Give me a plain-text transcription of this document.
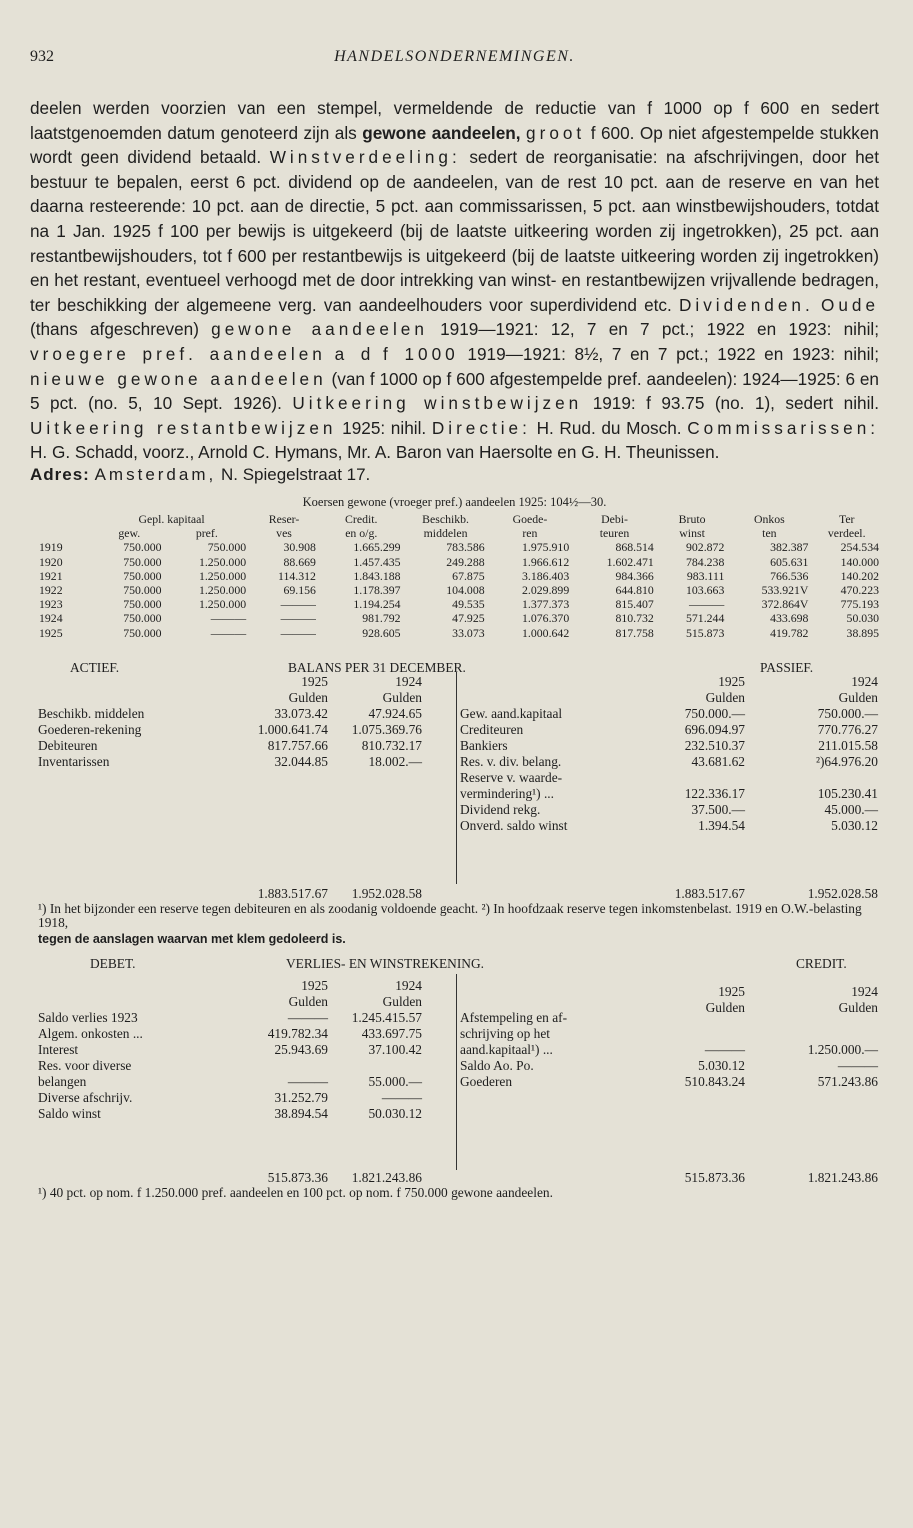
932	HANDELSONDERNEMINGEN.
deelen werden voorzien van een stempel, vermeldende de reductie van f 1000 op f 600 en sedert laatstgenoemden datum genoteerd zijn als gewone aandeelen, groot f 600. Op niet afgestempelde stukken wordt geen dividend betaald. Winstverdeeling: sedert de reorganisatie: na afschrijvingen, door het bestuur te bepalen, eerst 6 pct. dividend op de aandeelen, van de rest 10 pct. aan de reserve en van het daarna resteerende: 10 pct. aan de directie, 5 pct. aan commissarissen, 5 pct. aan winstbewijshouders, totdat na 1 Jan. 1925 f 100 per bewijs is uitgekeerd (bij de laatste uitkeering worden zij ingetrokken), 25 pct. aan restantbewijshouders, tot f 600 per restantbewijs is uitgekeerd (bij de laatste uitkeering worden zij ingetrokken) en het restant, eventueel verhoogd met de door intrekking van winst- en restantbewijzen vrijvallende bedragen, ter beschikking der algemeene verg. van aandeelhouders voor superdividend etc. Dividenden. Oude (thans afgeschreven) gewone aandeelen 1919—1921: 12, 7 en 7 pct.; 1922 en 1923: nihil; vroegere pref. aandeelen a d f 1000 1919—1921: 8½, 7 en 7 pct.; 1922 en 1923: nihil; nieuwe gewone aandeelen (van f 1000 op f 600 afgestempelde pref. aandeelen): 1924—1925: 6 en 5 pct. (no. 5, 10 Sept. 1926). Uitkeering winstbewijzen 1919: f 93.75 (no. 1), sedert nihil. Uitkeering restantbewijzen 1925: nihil. Directie: H. Rud. du Mosch. Commissarissen: H. G. Schadd, voorz., Arnold C. Hymans, Mr. A. Baron van Haersolte en G. H. Theunissen.
Adres: Amsterdam, N. Spiegelstraat 17.
Koersen gewone (vroeger pref.) aandeelen 1925: 104½—30.
	Gepl. kapitaal		Reser-	Credit.	Beschikb.	Goede-	Debi-	Bruto	Onkos	Ter
	gew.	pref.	ves	en o/g.	middelen	ren	teuren	winst	ten	verdeel.
1919	750.000	750.000	30.908	1.665.299	783.586	1.975.910	868.514	902.872	382.387	254.534
1920	750.000	1.250.000	88.669	1.457.435	249.288	1.966.612	1.602.471	784.238	605.631	140.000
1921	750.000	1.250.000	114.312	1.843.188	67.875	3.186.403	984.366	983.111	766.536	140.202
1922	750.000	1.250.000	69.156	1.178.397	104.008	2.029.899	644.810	103.663	533.921V	470.223
1923	750.000	1.250.000	———	1.194.254	49.535	1.377.373	815.407	———	372.864V	775.193
1924	750.000	———	———	981.792	47.925	1.076.370	810.732	571.244	433.698	50.030
1925	750.000	———	———	928.605	33.073	1.000.642	817.758	515.873	419.782	38.895
ACTIEF.	BALANS PER 31 DECEMBER.	PASSIEF.
1925	1924
Gulden	Gulden
1925	1924
Gulden	Gulden
Beschikb. middelen	33.073.42	47.924.65
Goederen-rekening	1.000.641.74	1.075.369.76
Debiteuren	817.757.66	810.732.17
Inventarissen	32.044.85	18.002.—
Gew. aand.kapitaal	750.000.—	750.000.—
Crediteuren	696.094.97	770.776.27
Bankiers	232.510.37	211.015.58
Res. v. div. belang.	43.681.62	²)64.976.20
Reserve v. waarde-
vermindering¹) ...	122.336.17	105.230.41
Dividend rekg.	37.500.—	45.000.—
Onverd. saldo winst	1.394.54	5.030.12
1.883.517.67	1.952.028.58	1.883.517.67	1.952.028.58
¹) In het bijzonder een reserve tegen debiteuren en als zoodanig voldoende geacht. ²) In hoofdzaak reserve tegen inkomstenbelast. 1919 en O.W.-belasting 1918,
tegen de aanslagen waarvan met klem gedoleerd is.
DEBET.	VERLIES- EN WINSTREKENING.	CREDIT.
1925	1924
Gulden	Gulden
1925	1924
Gulden	Gulden
Saldo verlies 1923	———	1.245.415.57
Algem. onkosten ...	419.782.34	433.697.75
Interest	25.943.69	37.100.42
Res. voor diverse
belangen	———	55.000.—
Diverse afschrijv.	31.252.79	———
Saldo winst	38.894.54	50.030.12
Afstempeling en af-
schrijving op het
aand.kapitaal¹) ...	———	1.250.000.—
Saldo Ao. Po.	5.030.12	———
Goederen	510.843.24	571.243.86
515.873.36	1.821.243.86	515.873.36	1.821.243.86
¹) 40 pct. op nom. f 1.250.000 pref. aandeelen en 100 pct. op nom. f 750.000 gewone aandeelen.
